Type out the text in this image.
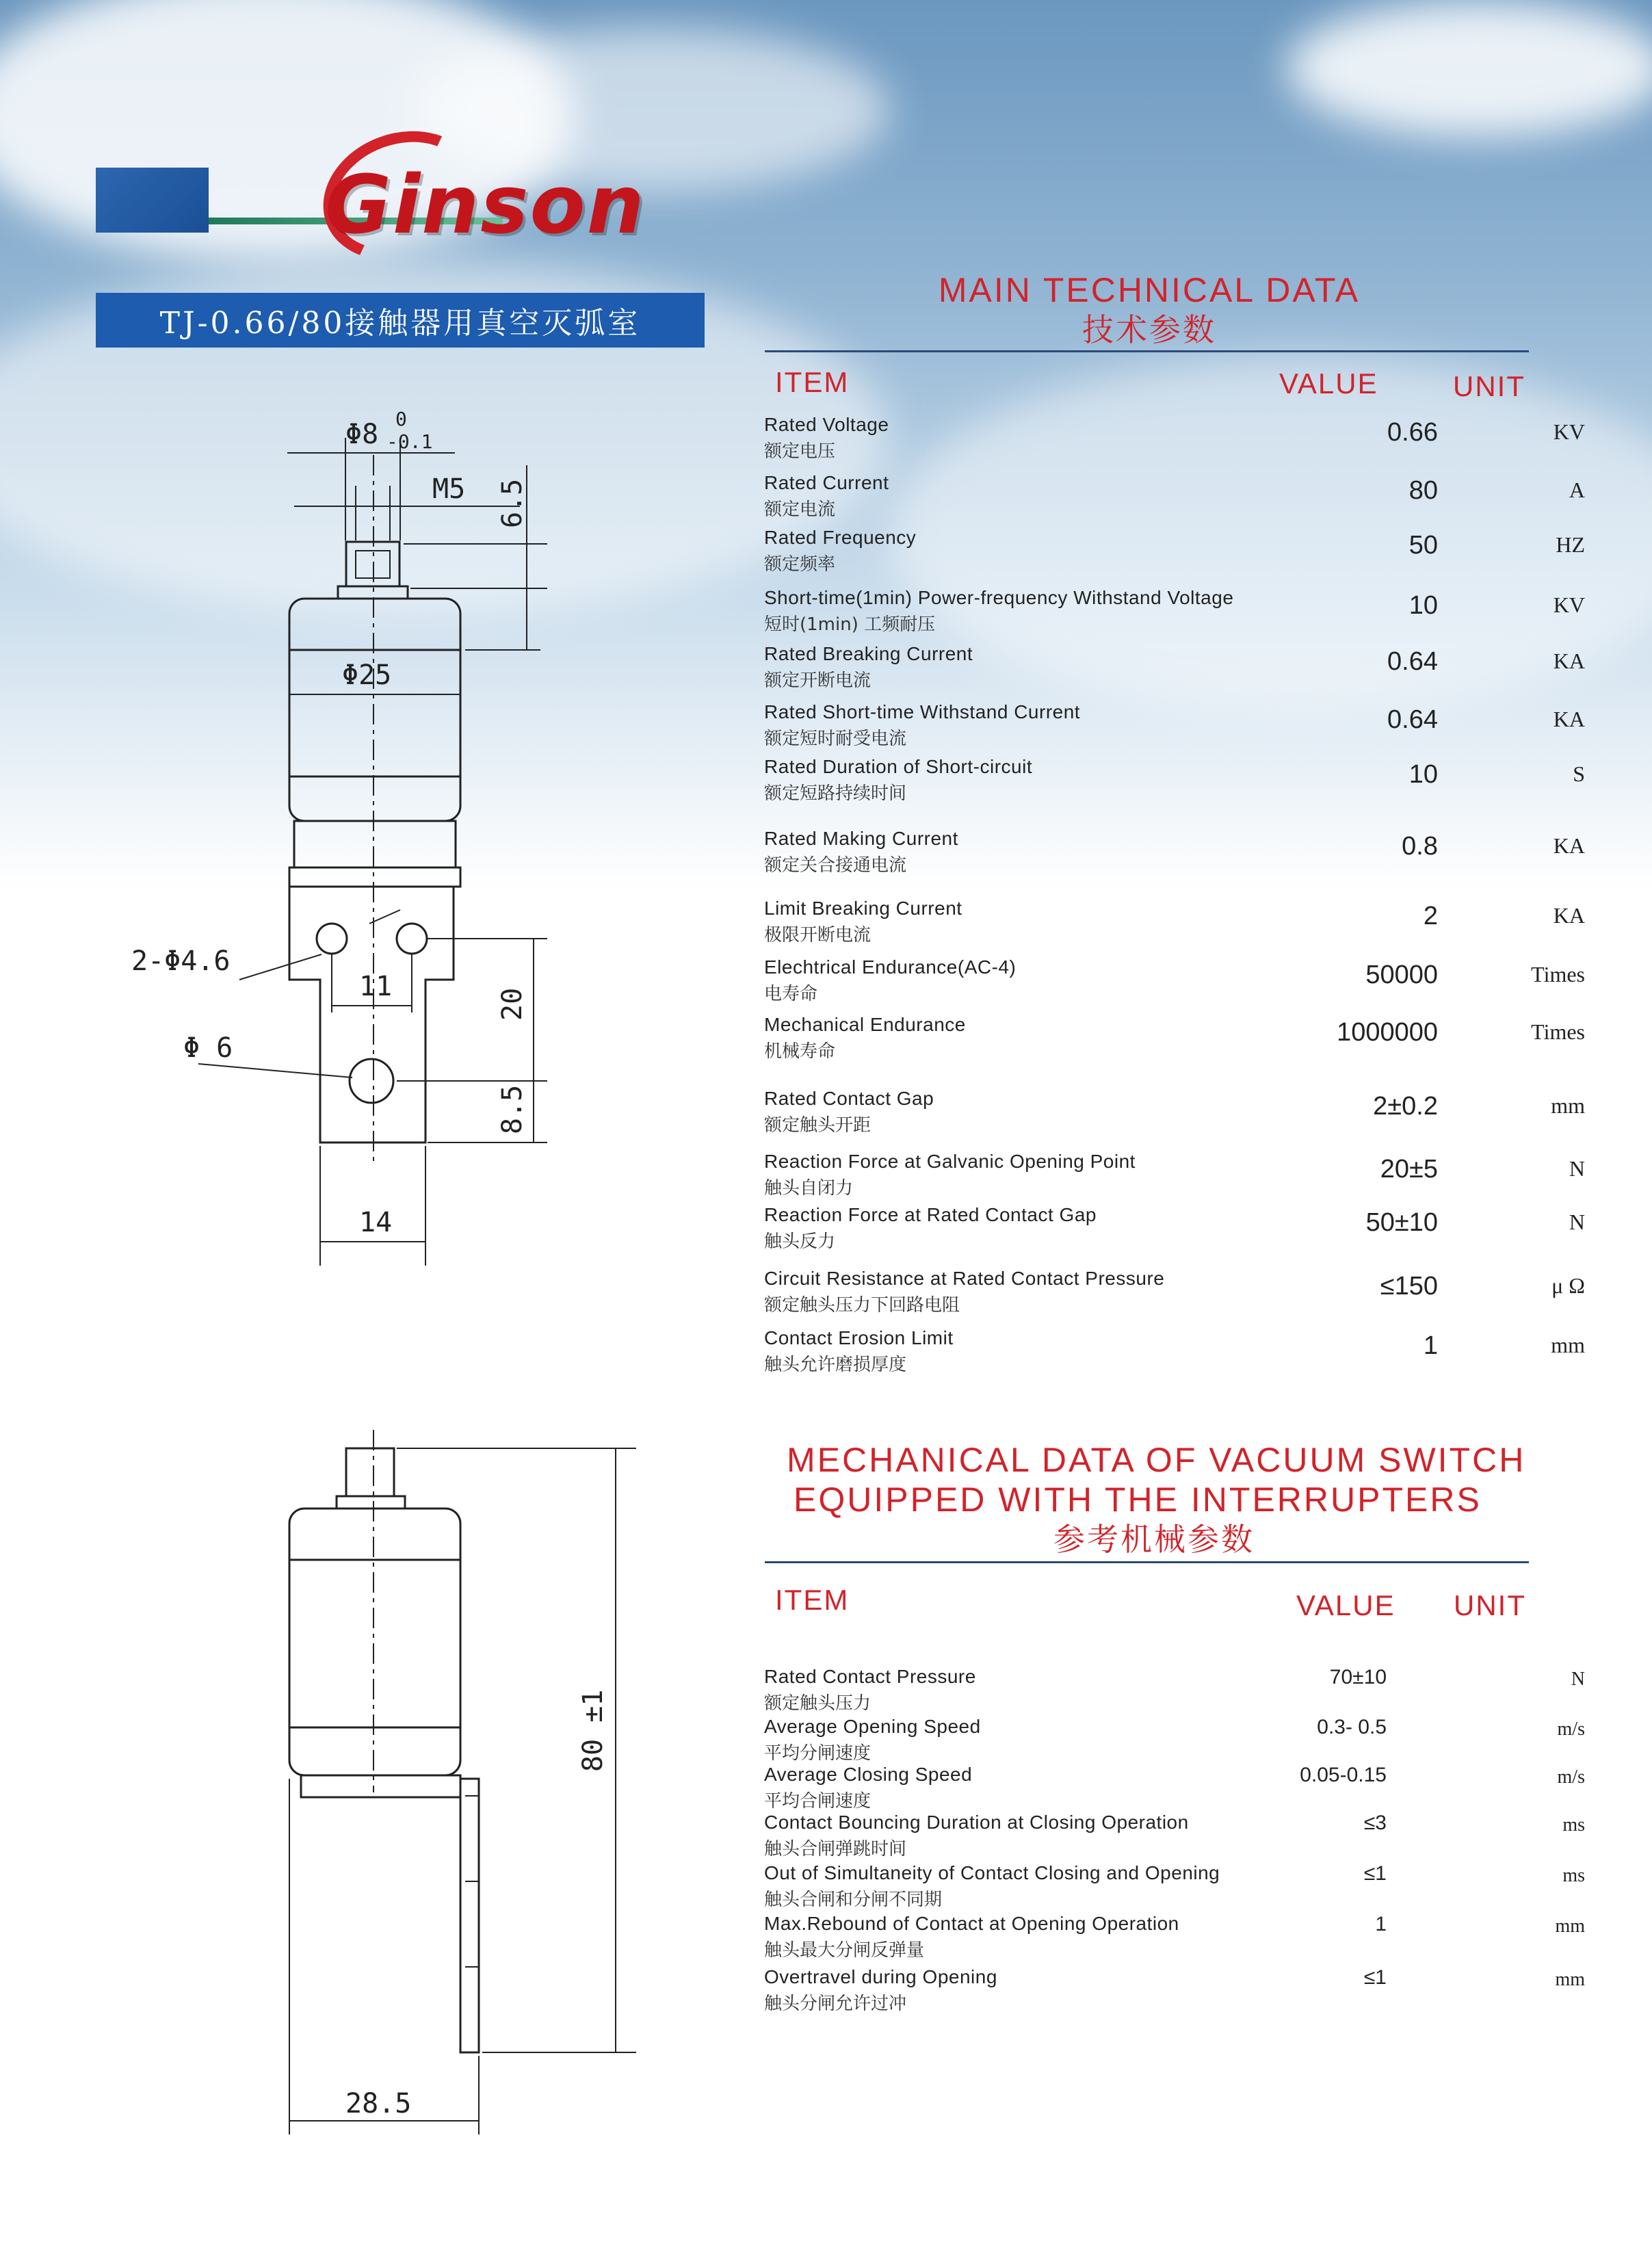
Ginson
TJ-0.66/80接触器用真空灭弧室
Φ8 0
-0.1
M5 6.5
Φ25
2-Φ4.6
11
Φ 6
20
8.5
14
80 ±1
28.5
MAIN TECHNICAL DATA
技术参数
ITEM	VALUE	UNIT
Rated Voltage
额定电压
0.66	KV
Rated Current
额定电流
80	A
Rated Frequency
额定频率
50	HZ
Short-time(1min) Power-frequency Withstand Voltage
短时(1min) 工频耐压
10	KV
Rated Breaking Current
额定开断电流
0.64	KA
Rated Short-time Withstand Current
额定短时耐受电流
0.64	KA
Rated Duration of Short-circuit
额定短路持续时间
10	S
Rated Making Current
额定关合接通电流
0.8	KA
Limit Breaking Current
极限开断电流
2	KA
Elechtrical Endurance(AC-4)
电寿命
50000	Times
Mechanical Endurance
机械寿命
1000000	Times
Rated Contact Gap
额定触头开距
2±0.2	mm
Reaction Force at Galvanic Opening Point
触头自闭力
20±5	N
Reaction Force at Rated Contact Gap
触头反力
50±10	N
Circuit Resistance at Rated Contact Pressure
额定触头压力下回路电阻
≤150	μ Ω
Contact Erosion Limit
触头允许磨损厚度
1	mm
MECHANICAL DATA OF VACUUM SWITCH
EQUIPPED WITH THE INTERRUPTERS
参考机械参数
ITEM	VALUE UNIT
Rated Contact Pressure
额定触头压力
70±10	N
Average Opening Speed
平均分闸速度
0.3- 0.5	m/s
Average Closing Speed
平均合闸速度
0.05-0.15	m/s
Contact Bouncing Duration at Closing Operation
触头合闸弹跳时间
≤3	ms
Out of Simultaneity of Contact Closing and Opening
触头合闸和分闸不同期
≤1	ms
Max.Rebound of Contact at Opening Operation
触头最大分闸反弹量
1	mm
Overtravel during Opening
触头分闸允许过冲
≤1	mm
